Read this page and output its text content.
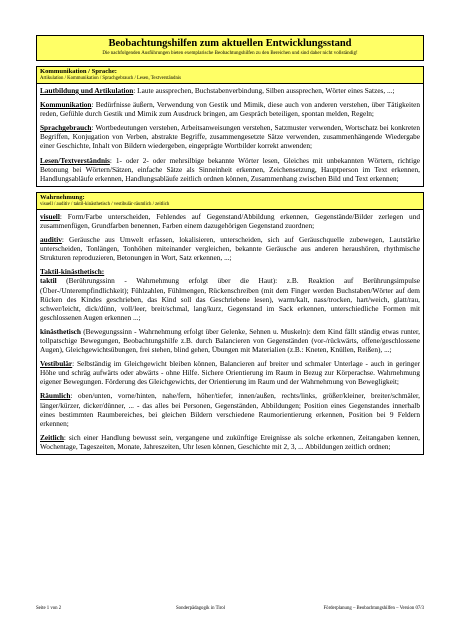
Beobachtungshilfen zum aktuellen Entwicklungsstand
Die nachfolgenden Ausführungen bieten exemplarische Beobachtungshilfen zu den Bereichen und sind daher nicht vollständig!
Kommunikation / Sprache:
Artikulation / Kommunikation / Sprachgebrauch / Lesen, Textverständnis

Lautbildung und Artikulation: Laute aussprechen, Buchstabenverbindung, Silben aussprechen, Wörter eines Satzes, ...;

Kommunikation: Bedürfnisse äußern, Verwendung von Gestik und Mimik, diese auch von anderen verstehen, über Tätigkeiten reden, Gefühle durch Gestik und Mimik zum Ausdruck bringen, am Gespräch beteiligen, spontan melden, Regeln;

Sprachgebrauch: Wortbedeutungen verstehen, Arbeitsanweisungen verstehen, Satzmuster verwenden, Wortschatz bei konkreten Begriffen, Konjugation von Verben, abstrakte Begriffe, zusammengesetzte Sätze verwenden, zusammenhängende Wiedergabe einer Geschichte, Inhalt von Bildern wiedergeben, eingeprägte Wortbilder korrekt anwenden;

Lesen/Textverständnis: 1- oder 2- oder mehrsilbige bekannte Wörter lesen, Gleiches mit unbekannten Wörtern, richtige Betonung bei Wörtern/Sätzen, einfache Sätze als Sinneinheit erkennen, Zeichensetzung, Hauptperson im Text erkennen, Handlungsabläufe erkennen, Handlungsabläufe zeitlich ordnen können, Zusammenhang zwischen Bild und Text erkennen;

Wahrnehmung:
visuell / auditiv / taktil-kinästhetisch / vestibulär·räumlich / zeitlich

visuell: Form/Farbe unterscheiden, Fehlendes auf Gegenstand/Abbildung erkennen, Gegenstände/Bilder zerlegen und zusammenfügen, Grundfarben benennen, Farben einem dazugehörigen Gegenstand zuordnen;

auditiv: Geräusche aus Umwelt erfassen, lokalisieren, unterscheiden, sich auf Geräuschquelle zubewegen, Lautstärke unterscheiden, Tonlängen, Tonhöhen miteinander vergleichen, bekannte Geräusche aus anderen heraushören, rhythmische Strukturen reproduzieren, Betonungen in Wort, Satz erkennen, ...;

Taktil-kinästhetisch:

taktil (Berührungssinn - Wahrnehmung erfolgt über die Haut): z.B. Reaktion auf Berührungsimpulse (Über-/Unterempfindlichkeit); Fühlzahlen, Fühlmengen, Rückenschreiben (mit dem Finger werden Buchstaben/Wörter auf dem Rücken des Kindes geschrieben, das Kind soll das Geschriebene lesen), warm/kalt, nass/trocken, hart/weich, glatt/rau, schwer/leicht, dick/dünn, voll/leer, breit/schmal, lang/kurz, Gegenstand im Sack erkennen, unterschiedliche Formen mit geschlossenen Augen erkennen ...;

kinästhetisch (Bewegungssinn - Wahrnehmung erfolgt über Gelenke, Sehnen u. Muskeln): dem Kind fällt ständig etwas runter, tollpatschige Bewegungen, Beobachtungshilfe z.B. durch Balancieren von Gegenständen (vor-/rückwärts, offene/geschlossene Augen), Gleichgewichtsübungen, frei stehen, blind gehen, Übungen mit Materialien (z.B.: Kneten, Knüllen, Reißen), ...;

Vestibulär: Selbständig im Gleichgewicht bleiben können, Balancieren auf breiter und schmaler Unterlage - auch in geringer Höhe und schräg aufwärts oder abwärts - ohne Hilfe. Sichere Orientierung im Raum in Bezug zur Körperachse. Wahrnehmung eigener Bewegungen. Förderung des Gleichgewichts, der Orientierung im Raum und der Wahrnehmung von Bewegligkeit;

Räumlich: oben/unten, vorne/hinten, nahe/fern, höher/tiefer, innen/außen, rechts/links, größer/kleiner, breiter/schmäler, länger/kürzer, dicker/dünner, ... - das alles bei Personen, Gegenständen, Abbildungen; Position eines Gegenstandes innerhalb eines bestimmten Raumbereiches, bei gleichen Bildern verschiedene Raumorientierung erkennen, Position bei 9 Feldern erkennen;

Zeitlich: sich einer Handlung bewusst sein, vergangene und zukünftige Ereignisse als solche erkennen, Zeitangaben kennen, Wochentage, Tageszeiten, Monate, Jahreszeiten, Uhr lesen können, Geschichte mit 2, 3, ... Abbildungen zeitlich ordnen;

Seite 1 von 2	Sonderpädagogik in Tirol	Förderplanung – Beobachtungshilfen – Version 07/3
